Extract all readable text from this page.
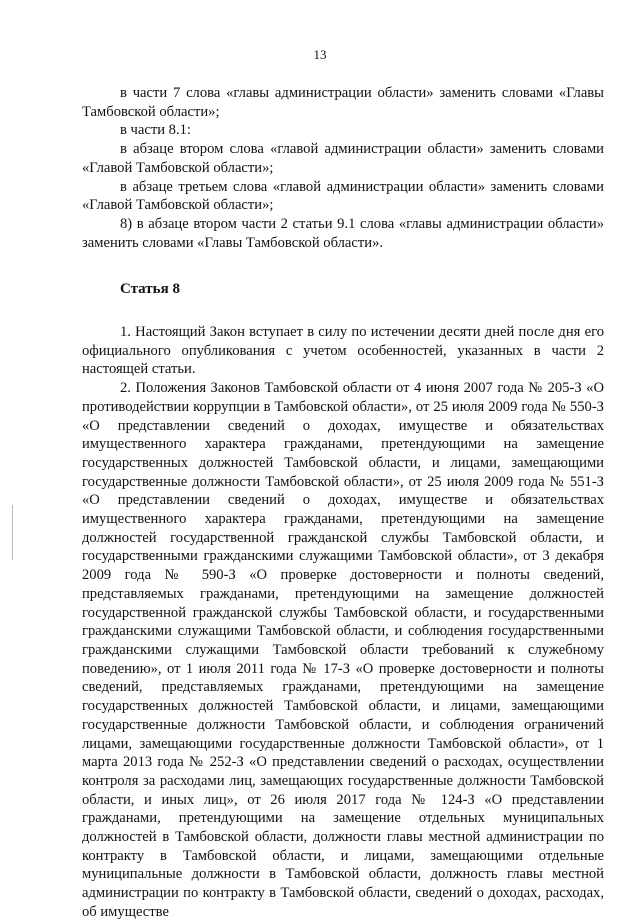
13

в части 7 слова «главы администрации области» заменить словами «Главы Тамбовской области»;

в части 8.1:

в абзаце втором слова «главой администрации области» заменить словами «Главой Тамбовской области»;

в абзаце третьем слова «главой администрации области» заменить словами «Главой Тамбовской области»;

8) в абзаце втором части 2 статьи 9.1 слова «главы администрации области» заменить словами «Главы Тамбовской области».

Статья 8

1. Настоящий Закон вступает в силу по истечении десяти дней после дня его официального опубликования с учетом особенностей, указанных в части 2 настоящей статьи.

2. Положения Законов Тамбовской области от 4 июня 2007 года № 205-З «О противодействии коррупции в Тамбовской области», от 25 июля 2009 года № 550-З «О представлении сведений о доходах, имуществе и обязательствах имущественного характера гражданами, претендующими на замещение государственных должностей Тамбовской области, и лицами, замещающими государственные должности Тамбовской области», от 25 июля 2009 года № 551-З «О представлении сведений о доходах, имуществе и обязательствах имущественного характера гражданами, претендующими на замещение должностей государственной гражданской службы Тамбовской области, и государственными гражданскими служащими Тамбовской области», от 3 декабря 2009 года № 590-З «О проверке достоверности и полноты сведений, представляемых гражданами, претендующими на замещение должностей государственной гражданской службы Тамбовской области, и государственными гражданскими служащими Тамбовской области, и соблюдения государственными гражданскими служащими Тамбовской области требований к служебному поведению», от 1 июля 2011 года № 17-З «О проверке достоверности и полноты сведений, представляемых гражданами, претендующими на замещение государственных должностей Тамбовской области, и лицами, замещающими государственные должности Тамбовской области, и соблюдения ограничений лицами, замещающими государственные должности Тамбовской области», от 1 марта 2013 года № 252-З «О представлении сведений о расходах, осуществлении контроля за расходами лиц, замещающих государственные должности Тамбовской области, и иных лиц», от 26 июля 2017 года № 124-З «О представлении гражданами, претендующими на замещение отдельных муниципальных должностей в Тамбовской области, должности главы местной администрации по контракту в Тамбовской области, и лицами, замещающими отдельные муниципальные должности в Тамбовской области, должность главы местной администрации по контракту в Тамбовской области, сведений о доходах, расходах, об имуществе
